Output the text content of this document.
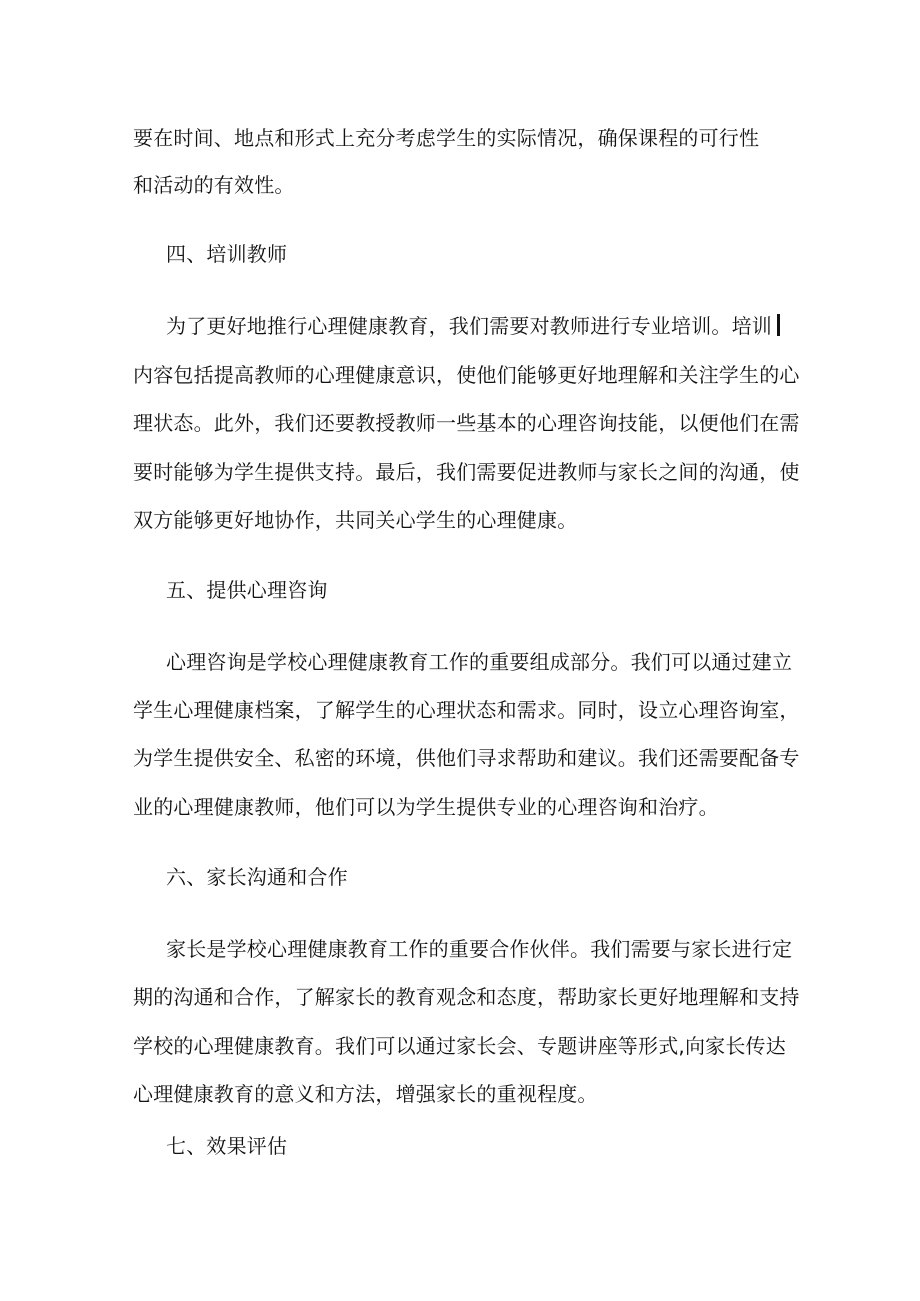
要在时间、地点和形式上充分考虑学生的实际情况，确保课程的可行性
和活动的有效性。
四、培训教师
为了更好地推行心理健康教育，我们需要对教师进行专业培训。培训
内容包括提高教师的心理健康意识，使他们能够更好地理解和关注学生的心
理状态。此外，我们还要教授教师一些基本的心理咨询技能，以便他们在需
要时能够为学生提供支持。最后，我们需要促进教师与家长之间的沟通，使
双方能够更好地协作，共同关心学生的心理健康。
五、提供心理咨询
心理咨询是学校心理健康教育工作的重要组成部分。我们可以通过建立
学生心理健康档案，了解学生的心理状态和需求。同时，设立心理咨询室，
为学生提供安全、私密的环境，供他们寻求帮助和建议。我们还需要配备专
业的心理健康教师，他们可以为学生提供专业的心理咨询和治疗。
六、家长沟通和合作
家长是学校心理健康教育工作的重要合作伙伴。我们需要与家长进行定
期的沟通和合作，了解家长的教育观念和态度，帮助家长更好地理解和支持
学校的心理健康教育。我们可以通过家长会、专题讲座等形式,向家长传达
心理健康教育的意义和方法，增强家长的重视程度。
七、效果评估
